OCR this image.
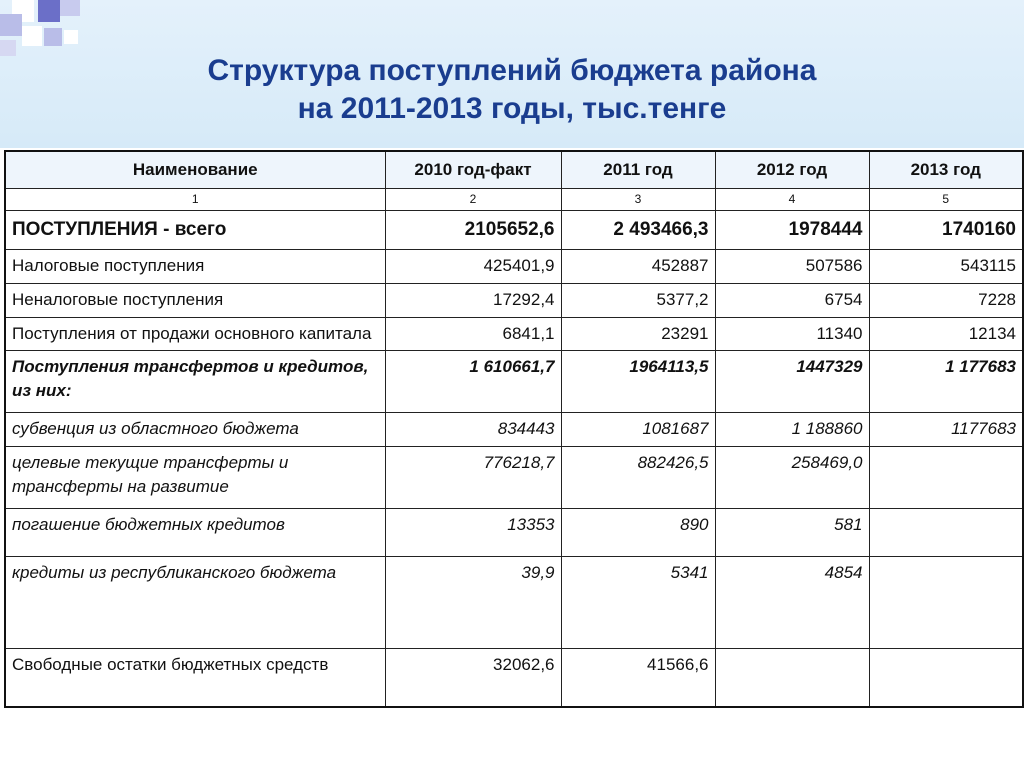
Структура поступлений бюджета района
на 2011-2013 годы, тыс.тенге
Наименование	2010 год-факт	2011 год	2012 год	2013 год
1	2	3	4	5
ПОСТУПЛЕНИЯ - всего	2105652,6	2 493466,3	1978444	1740160
Налоговые поступления	425401,9	452887	507586	543115
Неналоговые поступления	17292,4	5377,2	6754	7228
Поступления от продажи основного капитала	6841,1	23291	11340	12134
Поступления трансфертов и кредитов, из них:	1 610661,7	1964113,5	1447329	1 177683
субвенция из областного бюджета	834443	1081687	1 188860	1177683
целевые текущие трансферты и трансферты на развитие	776218,7	882426,5	258469,0	
погашение бюджетных кредитов	13353	890	581	
кредиты из республиканского бюджета	39,9	5341	4854	
Свободные остатки бюджетных средств	32062,6	41566,6		
